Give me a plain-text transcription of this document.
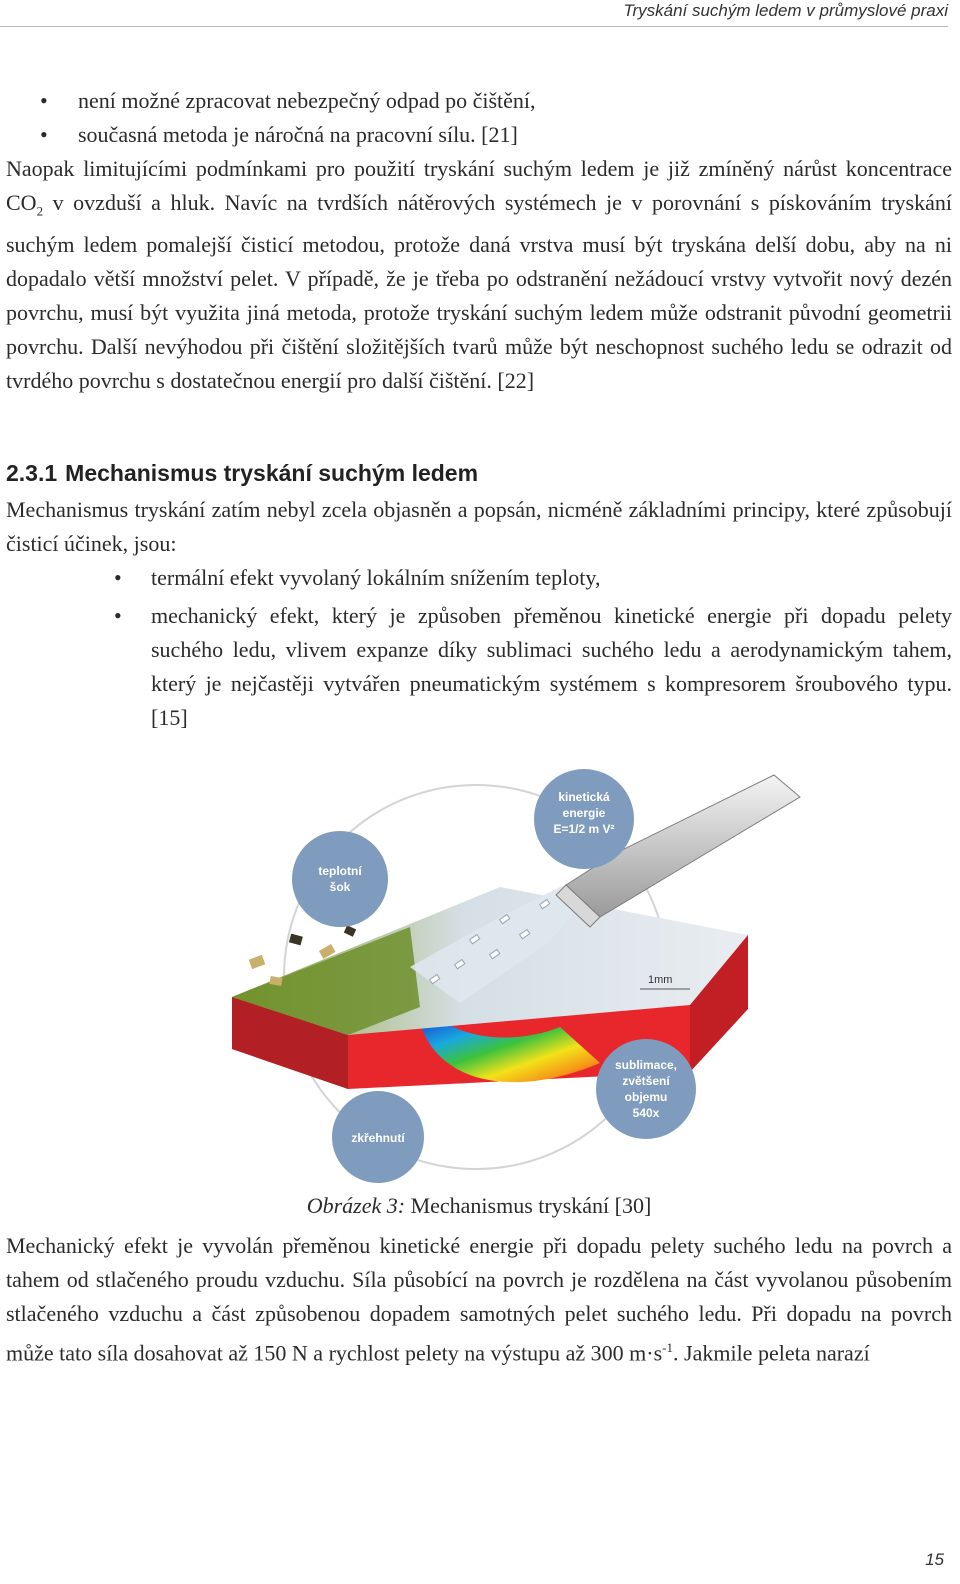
Tryskání suchým ledem v průmyslové praxi
• není možné zpracovat nebezpečný odpad po čištění,
• současná metoda je náročná na pracovní sílu. [21]

Naopak limitujícími podmínkami pro použití tryskání suchým ledem je již zmíněný nárůst koncentrace $CO_2$ v ovzduší a hluk. Navíc na tvrdších nátěrových systémech je v porovnání s pískováním tryskání suchým ledem pomalejší čisticí metodou, protože daná vrstva musí být tryskána delší dobu, aby na ni dopadalo větší množství pelet. V případě, že je třeba po odstranění nežádoucí vrstvy vytvořit nový dezén povrchu, musí být využita jiná metoda, protože tryskání suchým ledem může odstranit původní geometrii povrchu. Další nevýhodou při čištění složitějších tvarů může být neschopnost suchého ledu se odrazit od tvrdého povrchu s dostatečnou energií pro další čištění. [22]

2.3.1 Mechanismus tryskání suchým ledem

Mechanismus tryskání zatím nebyl zcela objasněn a popsán, nicméně základními principy, které způsobují čisticí účinek, jsou:

• termální efekt vyvolaný lokálním snížením teploty,
• mechanický efekt, který je způsoben přeměnou kinetické energie při dopadu pelety suchého ledu, vlivem expanze díky sublimaci suchého ledu a aerodynamickým tahem, který je nejčastěji vytvářen pneumatickým systémem s kompresorem šroubového typu. [15]
1mm
kinetická
energie
E=1/2 m V²
teplotní
šok
zkřehnutí
sublimace,
zvětšení
objemu
540x
Obrázek 3: Mechanismus tryskání [30]

Mechanický efekt je vyvolán přeměnou kinetické energie při dopadu pelety suchého ledu na povrch a tahem od stlačeného proudu vzduchu. Síla působící na povrch je rozdělena na část vyvolanou působením stlačeného vzduchu a část způsobenou dopadem samotných pelet suchého ledu. Při dopadu na povrch může tato síla dosahovat až 150 N a rychlost pelety na výstupu až 300 $m\cdot s^{-1}$. Jakmile peleta narazí

15
